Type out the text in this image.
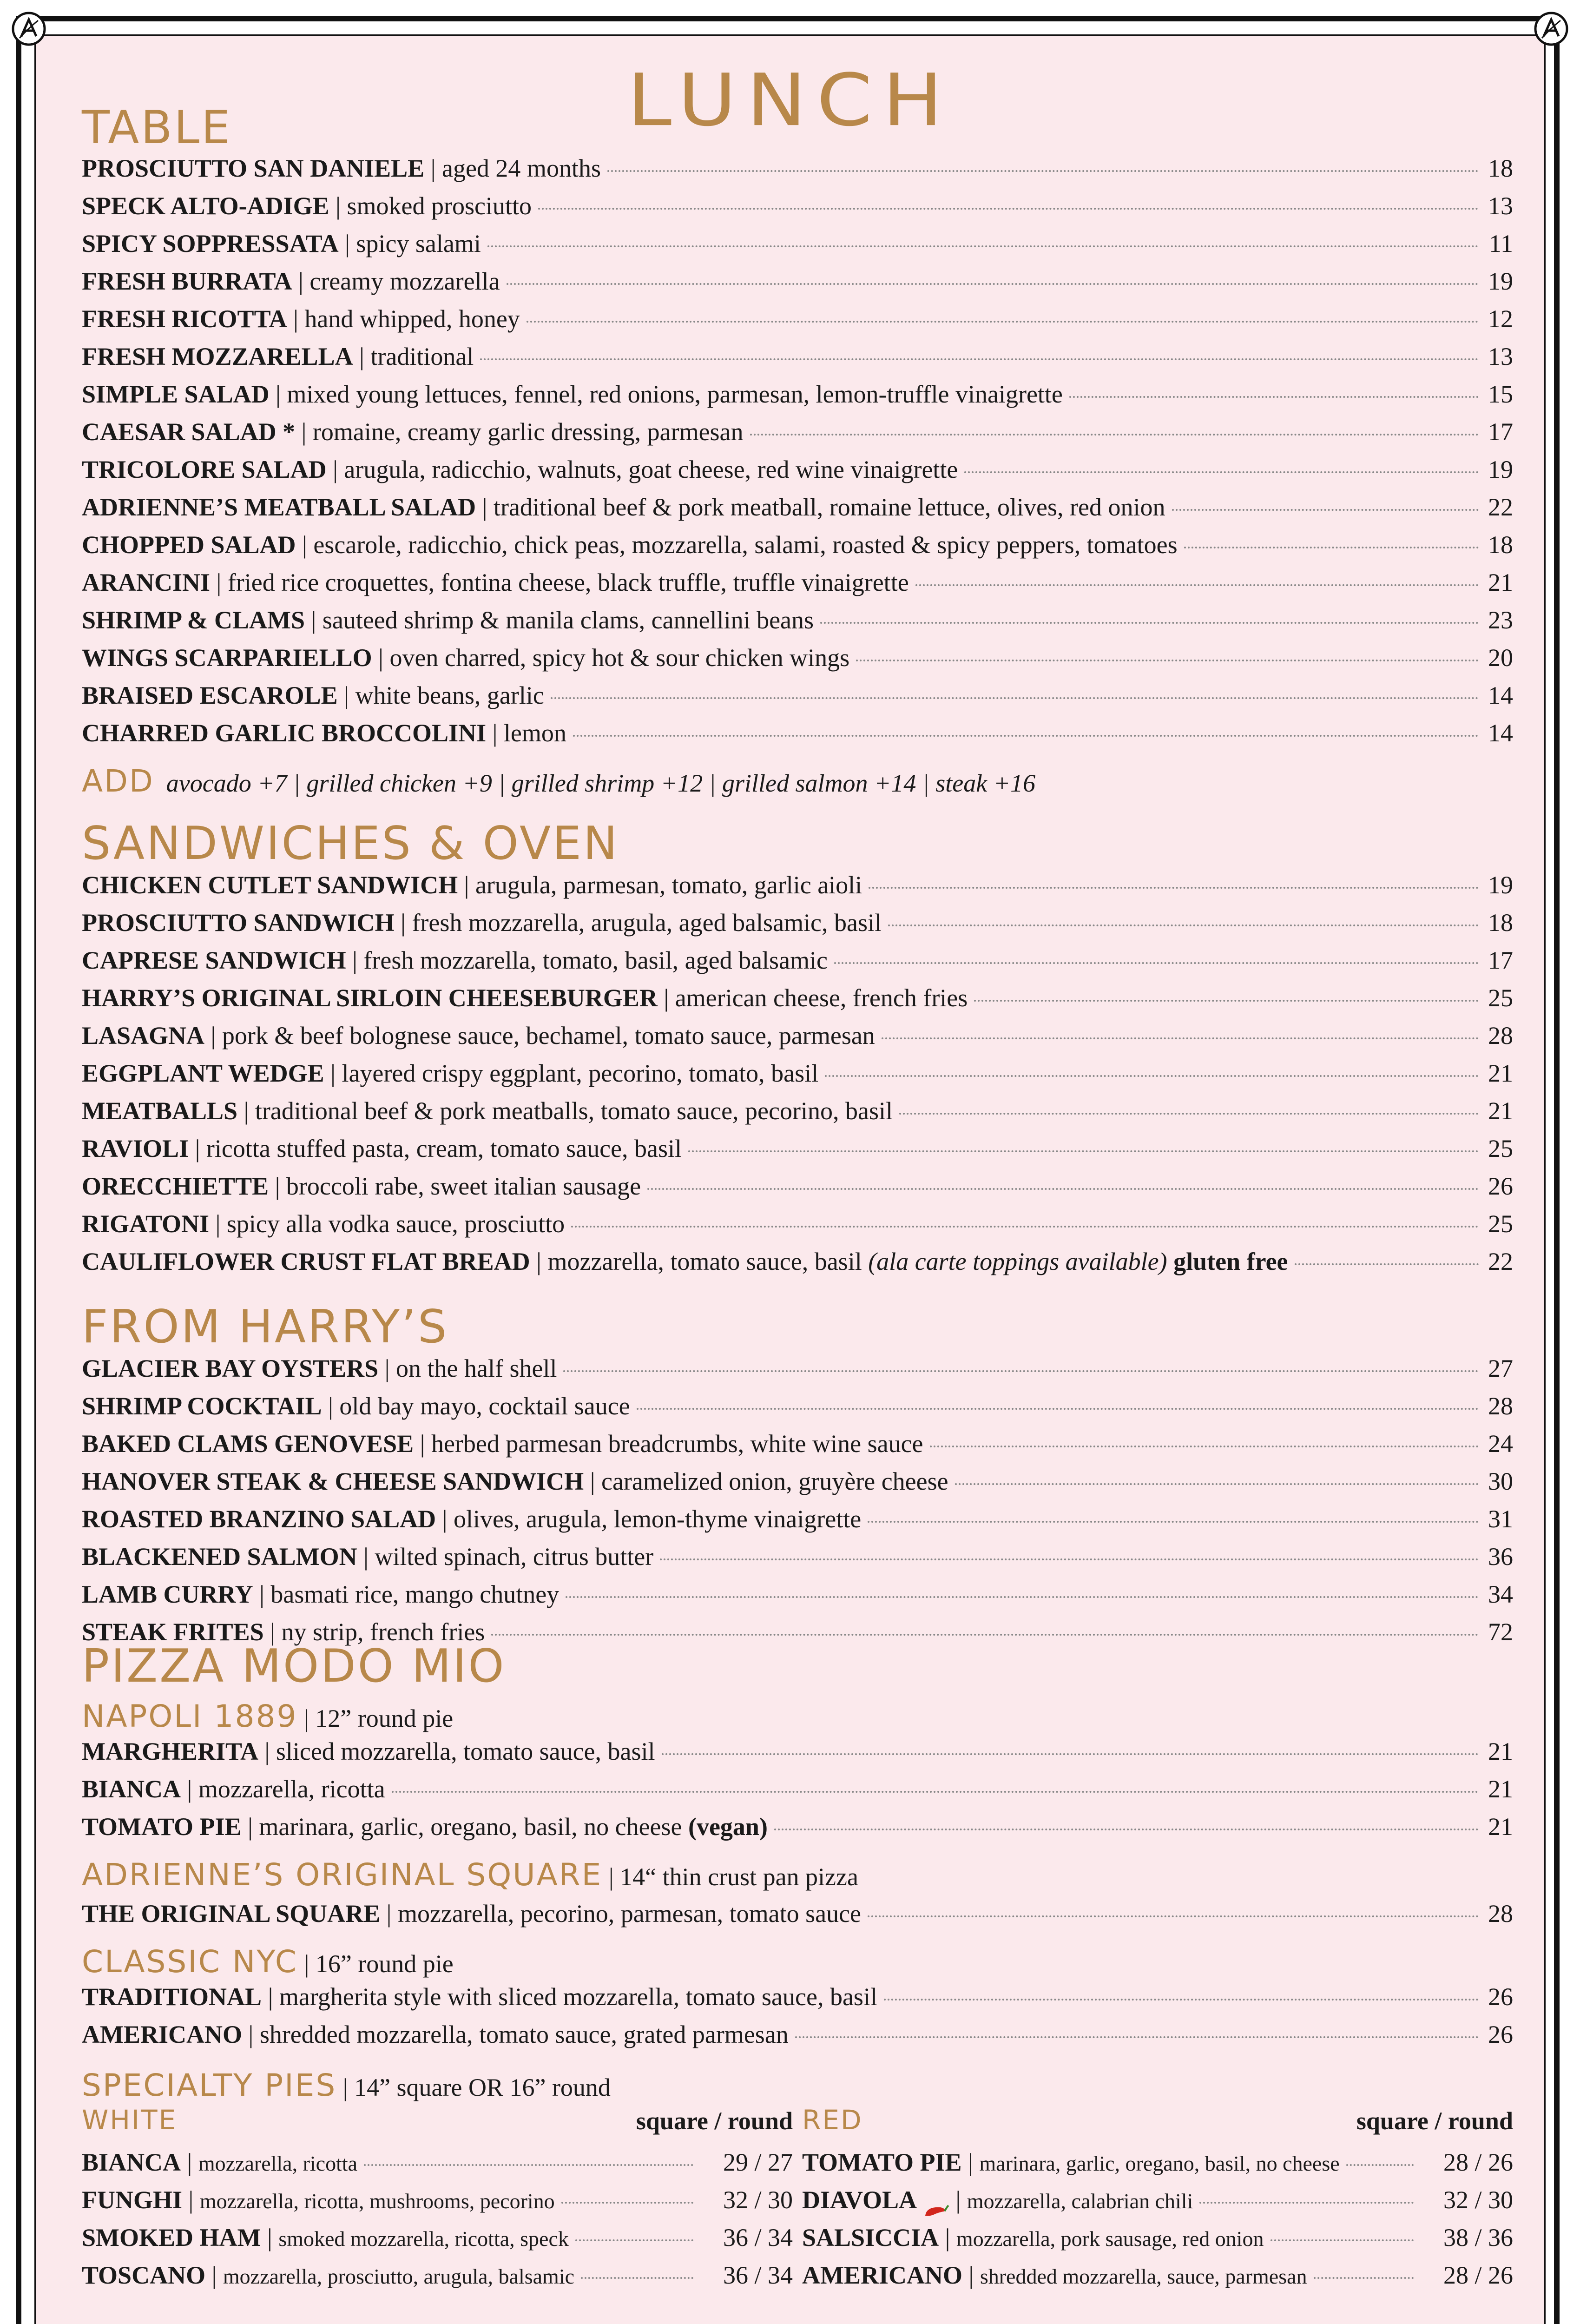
LUNCH
TABLE
PROSCIUTTO SAN DANIELE | aged 24 months	18
SPECK ALTO-ADIGE | smoked prosciutto	13
SPICY SOPPRESSATA | spicy salami	11
FRESH BURRATA | creamy mozzarella	19
FRESH RICOTTA | hand whipped, honey	12
FRESH MOZZARELLA | traditional	13
SIMPLE SALAD | mixed young lettuces, fennel, red onions, parmesan, lemon-truffle vinaigrette	15
CAESAR SALAD * | romaine, creamy garlic dressing, parmesan	17
TRICOLORE SALAD | arugula, radicchio, walnuts, goat cheese, red wine vinaigrette	19
ADRIENNE’S MEATBALL SALAD | traditional beef & pork meatball, romaine lettuce, olives, red onion	22
CHOPPED SALAD | escarole, radicchio, chick peas, mozzarella, salami, roasted & spicy peppers, tomatoes	18
ARANCINI | fried rice croquettes, fontina cheese, black truffle, truffle vinaigrette	21
SHRIMP & CLAMS | sauteed shrimp & manila clams, cannellini beans	23
WINGS SCARPARIELLO | oven charred, spicy hot & sour chicken wings	20
BRAISED ESCAROLE | white beans, garlic	14
CHARRED GARLIC BROCCOLINI | lemon	14
ADD avocado +7 | grilled chicken +9 | grilled shrimp +12 | grilled salmon +14 | steak +16
SANDWICHES & OVEN
CHICKEN CUTLET SANDWICH | arugula, parmesan, tomato, garlic aioli	19
PROSCIUTTO SANDWICH | fresh mozzarella, arugula, aged balsamic, basil	18
CAPRESE SANDWICH | fresh mozzarella, tomato, basil, aged balsamic	17
HARRY’S ORIGINAL SIRLOIN CHEESEBURGER | american cheese, french fries	25
LASAGNA | pork & beef bolognese sauce, bechamel, tomato sauce, parmesan	28
EGGPLANT WEDGE | layered crispy eggplant, pecorino, tomato, basil	21
MEATBALLS | traditional beef & pork meatballs, tomato sauce, pecorino, basil	21
RAVIOLI | ricotta stuffed pasta, cream, tomato sauce, basil	25
ORECCHIETTE | broccoli rabe, sweet italian sausage	26
RIGATONI | spicy alla vodka sauce, prosciutto	25
CAULIFLOWER CRUST FLAT BREAD | mozzarella, tomato sauce, basil (ala carte toppings available) gluten free	22
FROM HARRY’S
GLACIER BAY OYSTERS | on the half shell	27
SHRIMP COCKTAIL | old bay mayo, cocktail sauce	28
BAKED CLAMS GENOVESE | herbed parmesan breadcrumbs, white wine sauce	24
HANOVER STEAK & CHEESE SANDWICH | caramelized onion, gruyère cheese	30
ROASTED BRANZINO SALAD | olives, arugula, lemon-thyme vinaigrette	31
BLACKENED SALMON | wilted spinach, citrus butter	36
LAMB CURRY | basmati rice, mango chutney	34
STEAK FRITES | ny strip, french fries	72
PIZZA MODO MIO
NAPOLI 1889 | 12” round pie
MARGHERITA | sliced mozzarella, tomato sauce, basil	21
BIANCA | mozzarella, ricotta	21
TOMATO PIE | marinara, garlic, oregano, basil, no cheese (vegan)	21
ADRIENNE’S ORIGINAL SQUARE | 14“ thin crust pan pizza
THE ORIGINAL SQUARE | mozzarella, pecorino, parmesan, tomato sauce	28
CLASSIC NYC | 16” round pie
TRADITIONAL | margherita style with sliced mozzarella, tomato sauce, basil	26
AMERICANO | shredded mozzarella, tomato sauce, grated parmesan	26
SPECIALTY PIES | 14” square OR 16” round
WHITE	square / round
BIANCA | mozzarella, ricotta	29 / 27
FUNGHI | mozzarella, ricotta, mushrooms, pecorino	32 / 30
SMOKED HAM | smoked mozzarella, ricotta, speck	36 / 34
TOSCANO | mozzarella, prosciutto, arugula, balsamic	36 / 34
RED	square / round
TOMATO PIE | marinara, garlic, oregano, basil, no cheese	28 / 26
DIAVOLA | mozzarella, calabrian chili	32 / 30
SALSICCIA | mozzarella, pork sausage, red onion	38 / 36
AMERICANO | shredded mozzarella, sauce, parmesan	28 / 26
